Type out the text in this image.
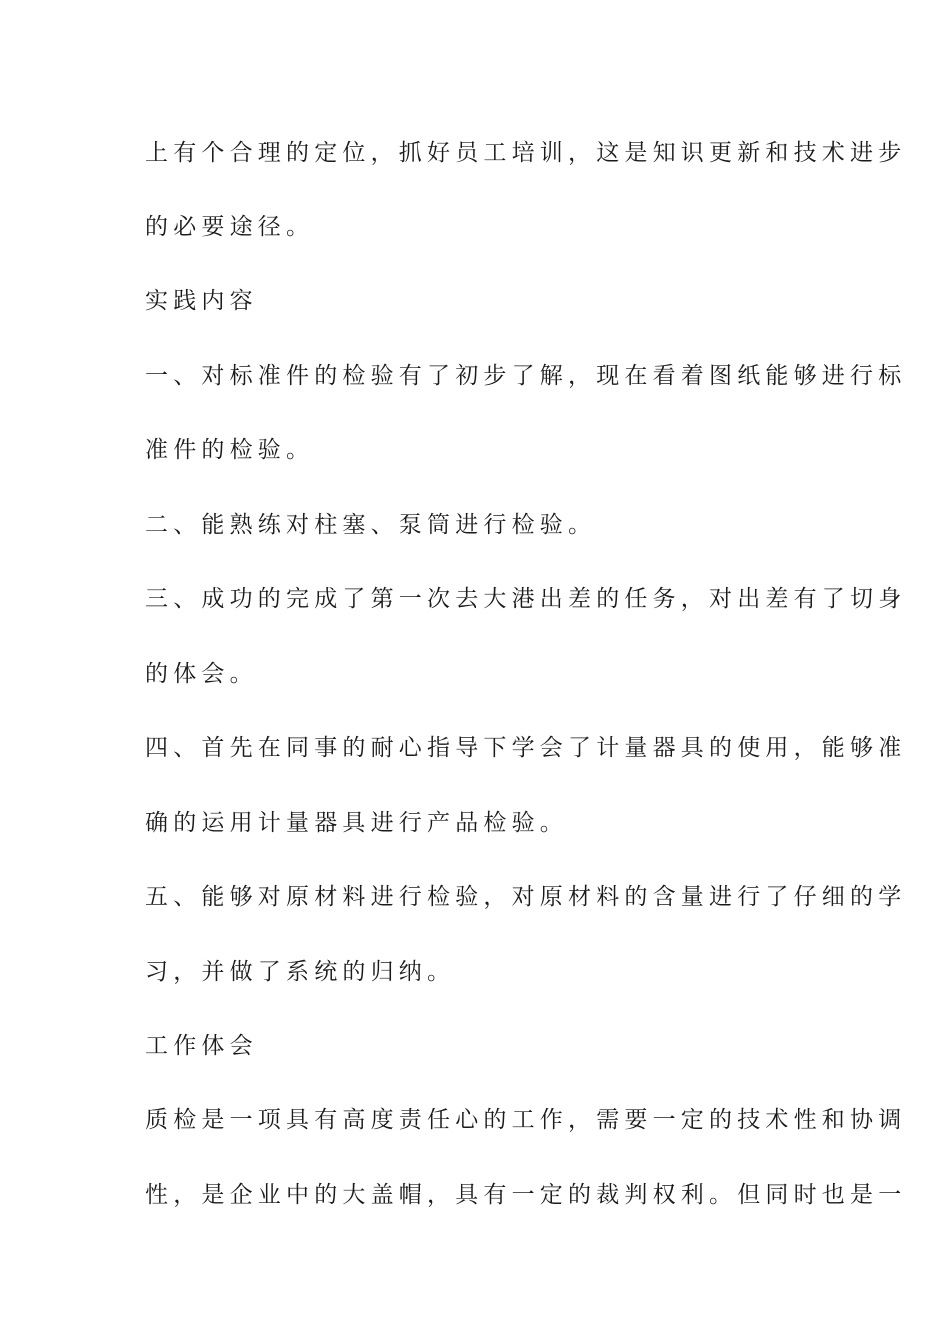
上有个合理的定位，抓好员工培训，这是知识更新和技术进步
的必要途径。
实践内容
一、对标准件的检验有了初步了解，现在看着图纸能够进行标
准件的检验。
二、能熟练对柱塞、泵筒进行检验。
三、成功的完成了第一次去大港出差的任务，对出差有了切身
的体会。
四、首先在同事的耐心指导下学会了计量器具的使用，能够准
确的运用计量器具进行产品检验。
五、能够对原材料进行检验，对原材料的含量进行了仔细的学
习，并做了系统的归纳。
工作体会
质检是一项具有高度责任心的工作，需要一定的技术性和协调
性，是企业中的大盖帽，具有一定的裁判权利。但同时也是一
